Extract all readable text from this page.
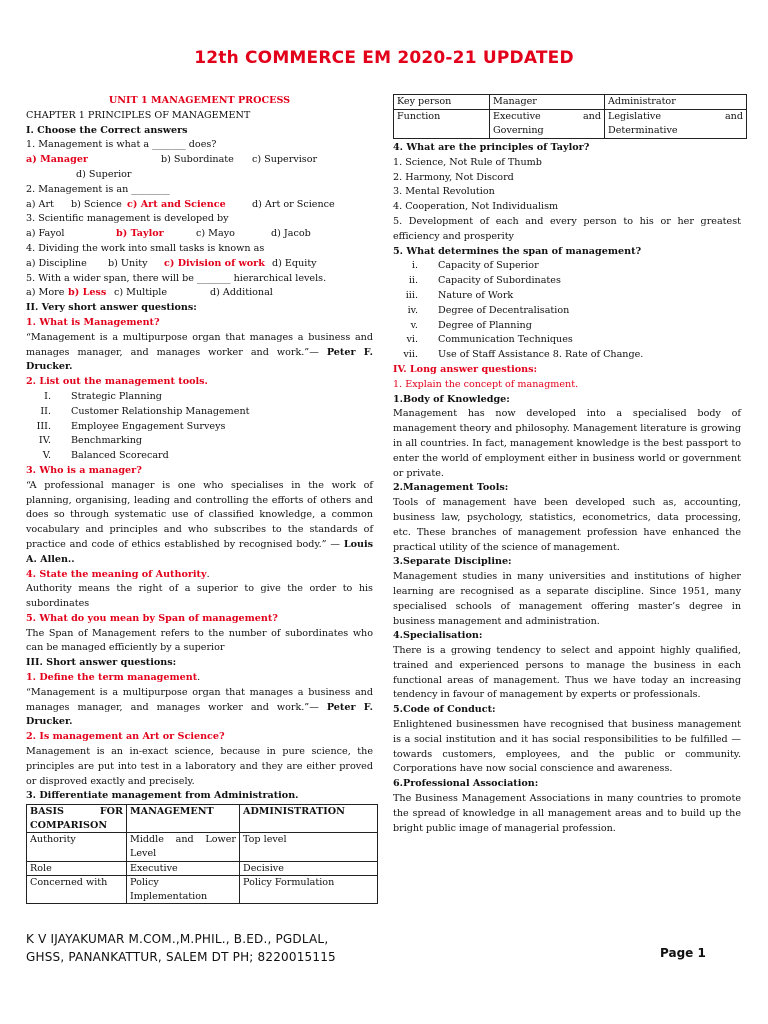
12th COMMERCE EM 2020-21 UPDATED
UNIT 1 MANAGEMENT PROCESS
CHAPTER 1 PRINCIPLES OF MANAGEMENT
I. Choose the Correct answers
1. Management is what a _______ does?
a) Manager	b) Subordinate c) Supervisor
d) Superior
2. Management is an ________
a) Art b) Science c) Art and Science	d) Art or Science
3. Scientific management is developed by
a) Fayol	b) Taylor	c) Mayo	d) Jacob
4. Dividing the work into small tasks is known as
a) Discipline b) Unity c) Division of work d) Equity
5. With a wider span, there will be _______ hierarchical levels.
a) More b) Less c) Multiple	d) Additional
II. Very short answer questions:
1. What is Management?
“Management is a multipurpose organ that manages a business and manages manager, and manages worker and work.”— Peter F. Drucker.
2. List out the management tools.
I. Strategic Planning
II. Customer Relationship Management
III. Employee Engagement Surveys
IV. Benchmarking
V. Balanced Scorecard
3. Who is a manager?
“A professional manager is one who specialises in the work of planning, organising, leading and controlling the efforts of others and does so through systematic use of classified knowledge, a common vocabulary and principles and who subscribes to the standards of practice and code of ethics established by recognised body.” — Louis A. Allen..
4. State the meaning of Authority.
Authority means the right of a superior to give the order to his subordinates
5. What do you mean by Span of management?
The Span of Management refers to the number of subordinates who can be managed efficiently by a superior
III. Short answer questions:
1. Define the term management.
“Management is a multipurpose organ that manages a business and manages manager, and manages worker and work.”— Peter F. Drucker.
2. Is management an Art or Science?
Management is an in-exact science, because in pure science, the principles are put into test in a laboratory and they are either proved or disproved exactly and precisely.
3. Differentiate management from Administration.
BASIS FOR COMPARISON	MANAGEMENT	ADMINISTRATION
Authority	Middle and Lower Level	Top level
Role	Executive	Decisive
Concerned with	Policy Implementation	Policy Formulation
Key person	Manager	Administrator
Function	Executive and Governing	Legislative and Determinative
4. What are the principles of Taylor?
1. Science, Not Rule of Thumb
2. Harmony, Not Discord
3. Mental Revolution
4. Cooperation, Not Individualism
5. Development of each and every person to his or her greatest efficiency and prosperity
5. What determines the span of management?
i. Capacity of Superior
ii. Capacity of Subordinates
iii. Nature of Work
iv. Degree of Decentralisation
v. Degree of Planning
vi. Communication Techniques
vii. Use of Staff Assistance 8. Rate of Change.
IV. Long answer questions:
1. Explain the concept of managment.
1.Body of Knowledge:
Management has now developed into a specialised body of management theory and philosophy. Management literature is growing in all countries. In fact, management knowledge is the best passport to enter the world of employment either in business world or government or private.
2.Management Tools:
Tools of management have been developed such as, accounting, business law, psychology, statistics, econometrics, data processing, etc. These branches of management profession have enhanced the practical utility of the science of management.
3.Separate Discipline:
Management studies in many universities and institutions of higher learning are recognised as a separate discipline. Since 1951, many specialised schools of management offering master’s degree in business management and administration.
4.Specialisation:
There is a growing tendency to select and appoint highly qualified, trained and experienced persons to manage the business in each functional areas of management. Thus we have today an increasing tendency in favour of management by experts or professionals.
5.Code of Conduct:
Enlightened businessmen have recognised that business management is a social institution and it has social responsibilities to be fulfilled — towards customers, employees, and the public or community. Corporations have now social conscience and awareness.
6.Professional Association:
The Business Management Associations in many countries to promote the spread of knowledge in all management areas and to build up the bright public image of managerial profession.
K V IJAYAKUMAR M.COM.,M.PHIL., B.ED., PGDLAL,
GHSS, PANANKATTUR, SALEM DT PH; 8220015115	Page 1
